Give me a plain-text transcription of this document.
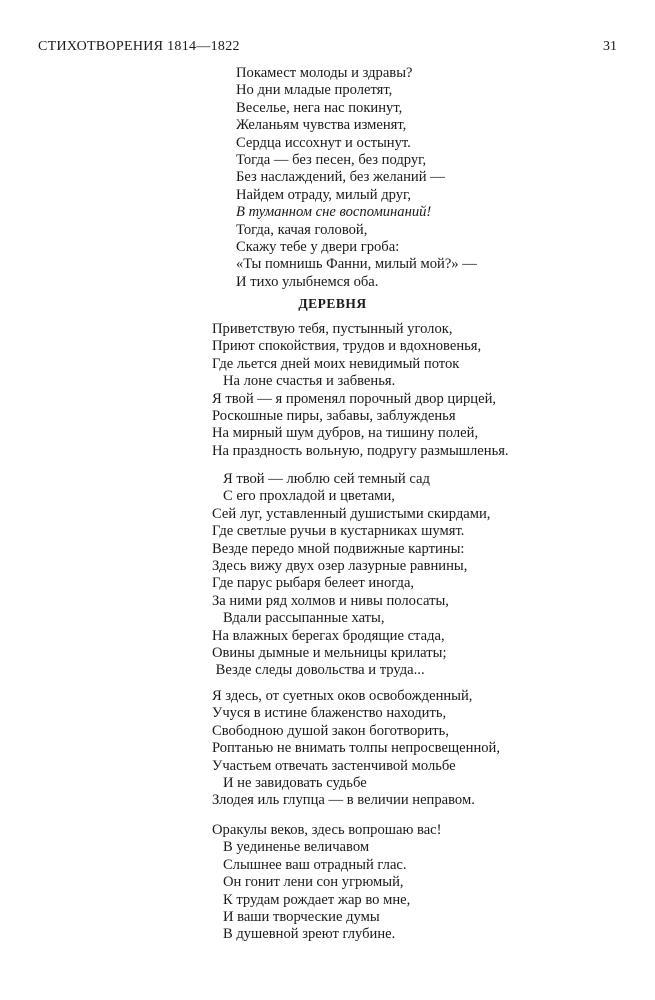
СТИХОТВОРЕНИЯ 1814—1822	31
Покамест молоды и здравы?
Но дни младые пролетят,
Веселье, нега нас покинут,
Желаньям чувства изменят,
Сердца иссохнут и остынут.
Тогда — без песен, без подруг,
Без наслаждений, без желаний —
Найдем отраду, милый друг,
В туманном сне воспоминаний!
Тогда, качая головой,
Скажу тебе у двери гроба:
«Ты помнишь Фанни, милый мой?» —
И тихо улыбнемся оба.
ДЕРЕВНЯ
Приветствую тебя, пустынный уголок,
Приют спокойствия, трудов и вдохновенья,
Где льется дней моих невидимый поток
На лоне счастья и забвенья.
Я твой — я променял порочный двор цирцей,
Роскошные пиры, забавы, заблужденья
На мирный шум дубров, на тишину полей,
На праздность вольную, подругу размышленья.
Я твой — люблю сей темный сад
С его прохладой и цветами,
Сей луг, уставленный душистыми скирдами,
Где светлые ручьи в кустарниках шумят.
Везде передо мной подвижные картины:
Здесь вижу двух озер лазурные равнины,
Где парус рыбаря белеет иногда,
За ними ряд холмов и нивы полосаты,
Вдали рассыпанные хаты,
На влажных берегах бродящие стада,
Овины дымные и мельницы крилаты;
Везде следы довольства и труда...
Я здесь, от суетных оков освобожденный,
Учуся в истине блаженство находить,
Свободною душой закон боготворить,
Роптанью не внимать толпы непросвещенной,
Участьем отвечать застенчивой мольбе
И не завидовать судьбе
Злодея иль глупца — в величии неправом.
Оракулы веков, здесь вопрошаю вас!
В уединенье величавом
Слышнее ваш отрадный глас.
Он гонит лени сон угрюмый,
К трудам рождает жар во мне,
И ваши творческие думы
В душевной зреют глубине.
